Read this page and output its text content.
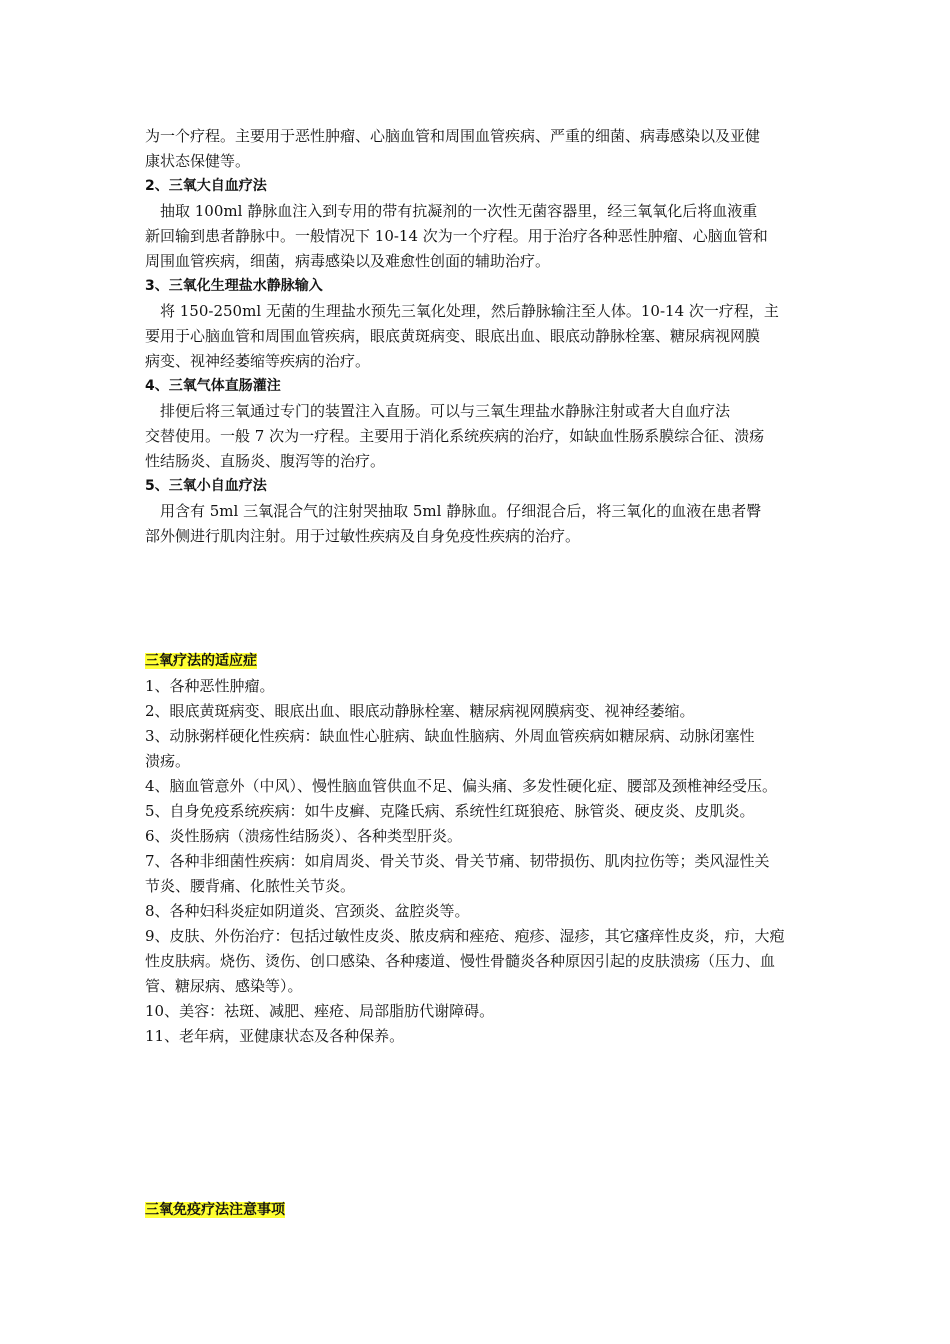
为一个疗程。主要用于恶性肿瘤、心脑血管和周围血管疾病、严重的细菌、病毒感染以及亚健
康状态保健等。
2、三氧大自血疗法
抽取 100ml 静脉血注入到专用的带有抗凝剂的一次性无菌容器里，经三氧氧化后将血液重
新回输到患者静脉中。一般情况下 10-14 次为一个疗程。用于治疗各种恶性肿瘤、心脑血管和
周围血管疾病，细菌，病毒感染以及难愈性创面的辅助治疗。
3、三氧化生理盐水静脉输入
将 150-250ml 无菌的生理盐水预先三氧化处理，然后静脉输注至人体。10-14 次一疗程，主
要用于心脑血管和周围血管疾病，眼底黄斑病变、眼底出血、眼底动静脉栓塞、糖尿病视网膜
病变、视神经萎缩等疾病的治疗。
4、三氧气体直肠灌注
排便后将三氧通过专门的装置注入直肠。可以与三氧生理盐水静脉注射或者大自血疗法
交替使用。一般 7 次为一疗程。主要用于消化系统疾病的治疗，如缺血性肠系膜综合征、溃疡
性结肠炎、直肠炎、腹泻等的治疗。
5、三氧小自血疗法
用含有 5ml 三氧混合气的注射哭抽取 5ml 静脉血。仔细混合后，将三氧化的血液在患者臀
部外侧进行肌肉注射。用于过敏性疾病及自身免疫性疾病的治疗。
三氧疗法的适应症
1、各种恶性肿瘤。
2、眼底黄斑病变、眼底出血、眼底动静脉栓塞、糖尿病视网膜病变、视神经萎缩。
3、动脉粥样硬化性疾病：缺血性心脏病、缺血性脑病、外周血管疾病如糖尿病、动脉闭塞性
溃疡。
4、脑血管意外（中风）、慢性脑血管供血不足、偏头痛、多发性硬化症、腰部及颈椎神经受压。
5、自身免疫系统疾病：如牛皮癣、克隆氏病、系统性红斑狼疮、脉管炎、硬皮炎、皮肌炎。
6、炎性肠病（溃疡性结肠炎）、各种类型肝炎。
7、各种非细菌性疾病：如肩周炎、骨关节炎、骨关节痛、韧带损伤、肌肉拉伤等；类风湿性关
节炎、腰背痛、化脓性关节炎。
8、各种妇科炎症如阴道炎、宫颈炎、盆腔炎等。
9、皮肤、外伤治疗：包括过敏性皮炎、脓皮病和痤疮、疱疹、湿疹，其它瘙痒性皮炎，疖，大疱
性皮肤病。烧伤、烫伤、创口感染、各种瘘道、慢性骨髓炎各种原因引起的皮肤溃疡（压力、血
管、糖尿病、感染等）。
10、美容：祛斑、减肥、痤疮、局部脂肪代谢障碍。
11、老年病，亚健康状态及各种保养。
三氧免疫疗法注意事项
